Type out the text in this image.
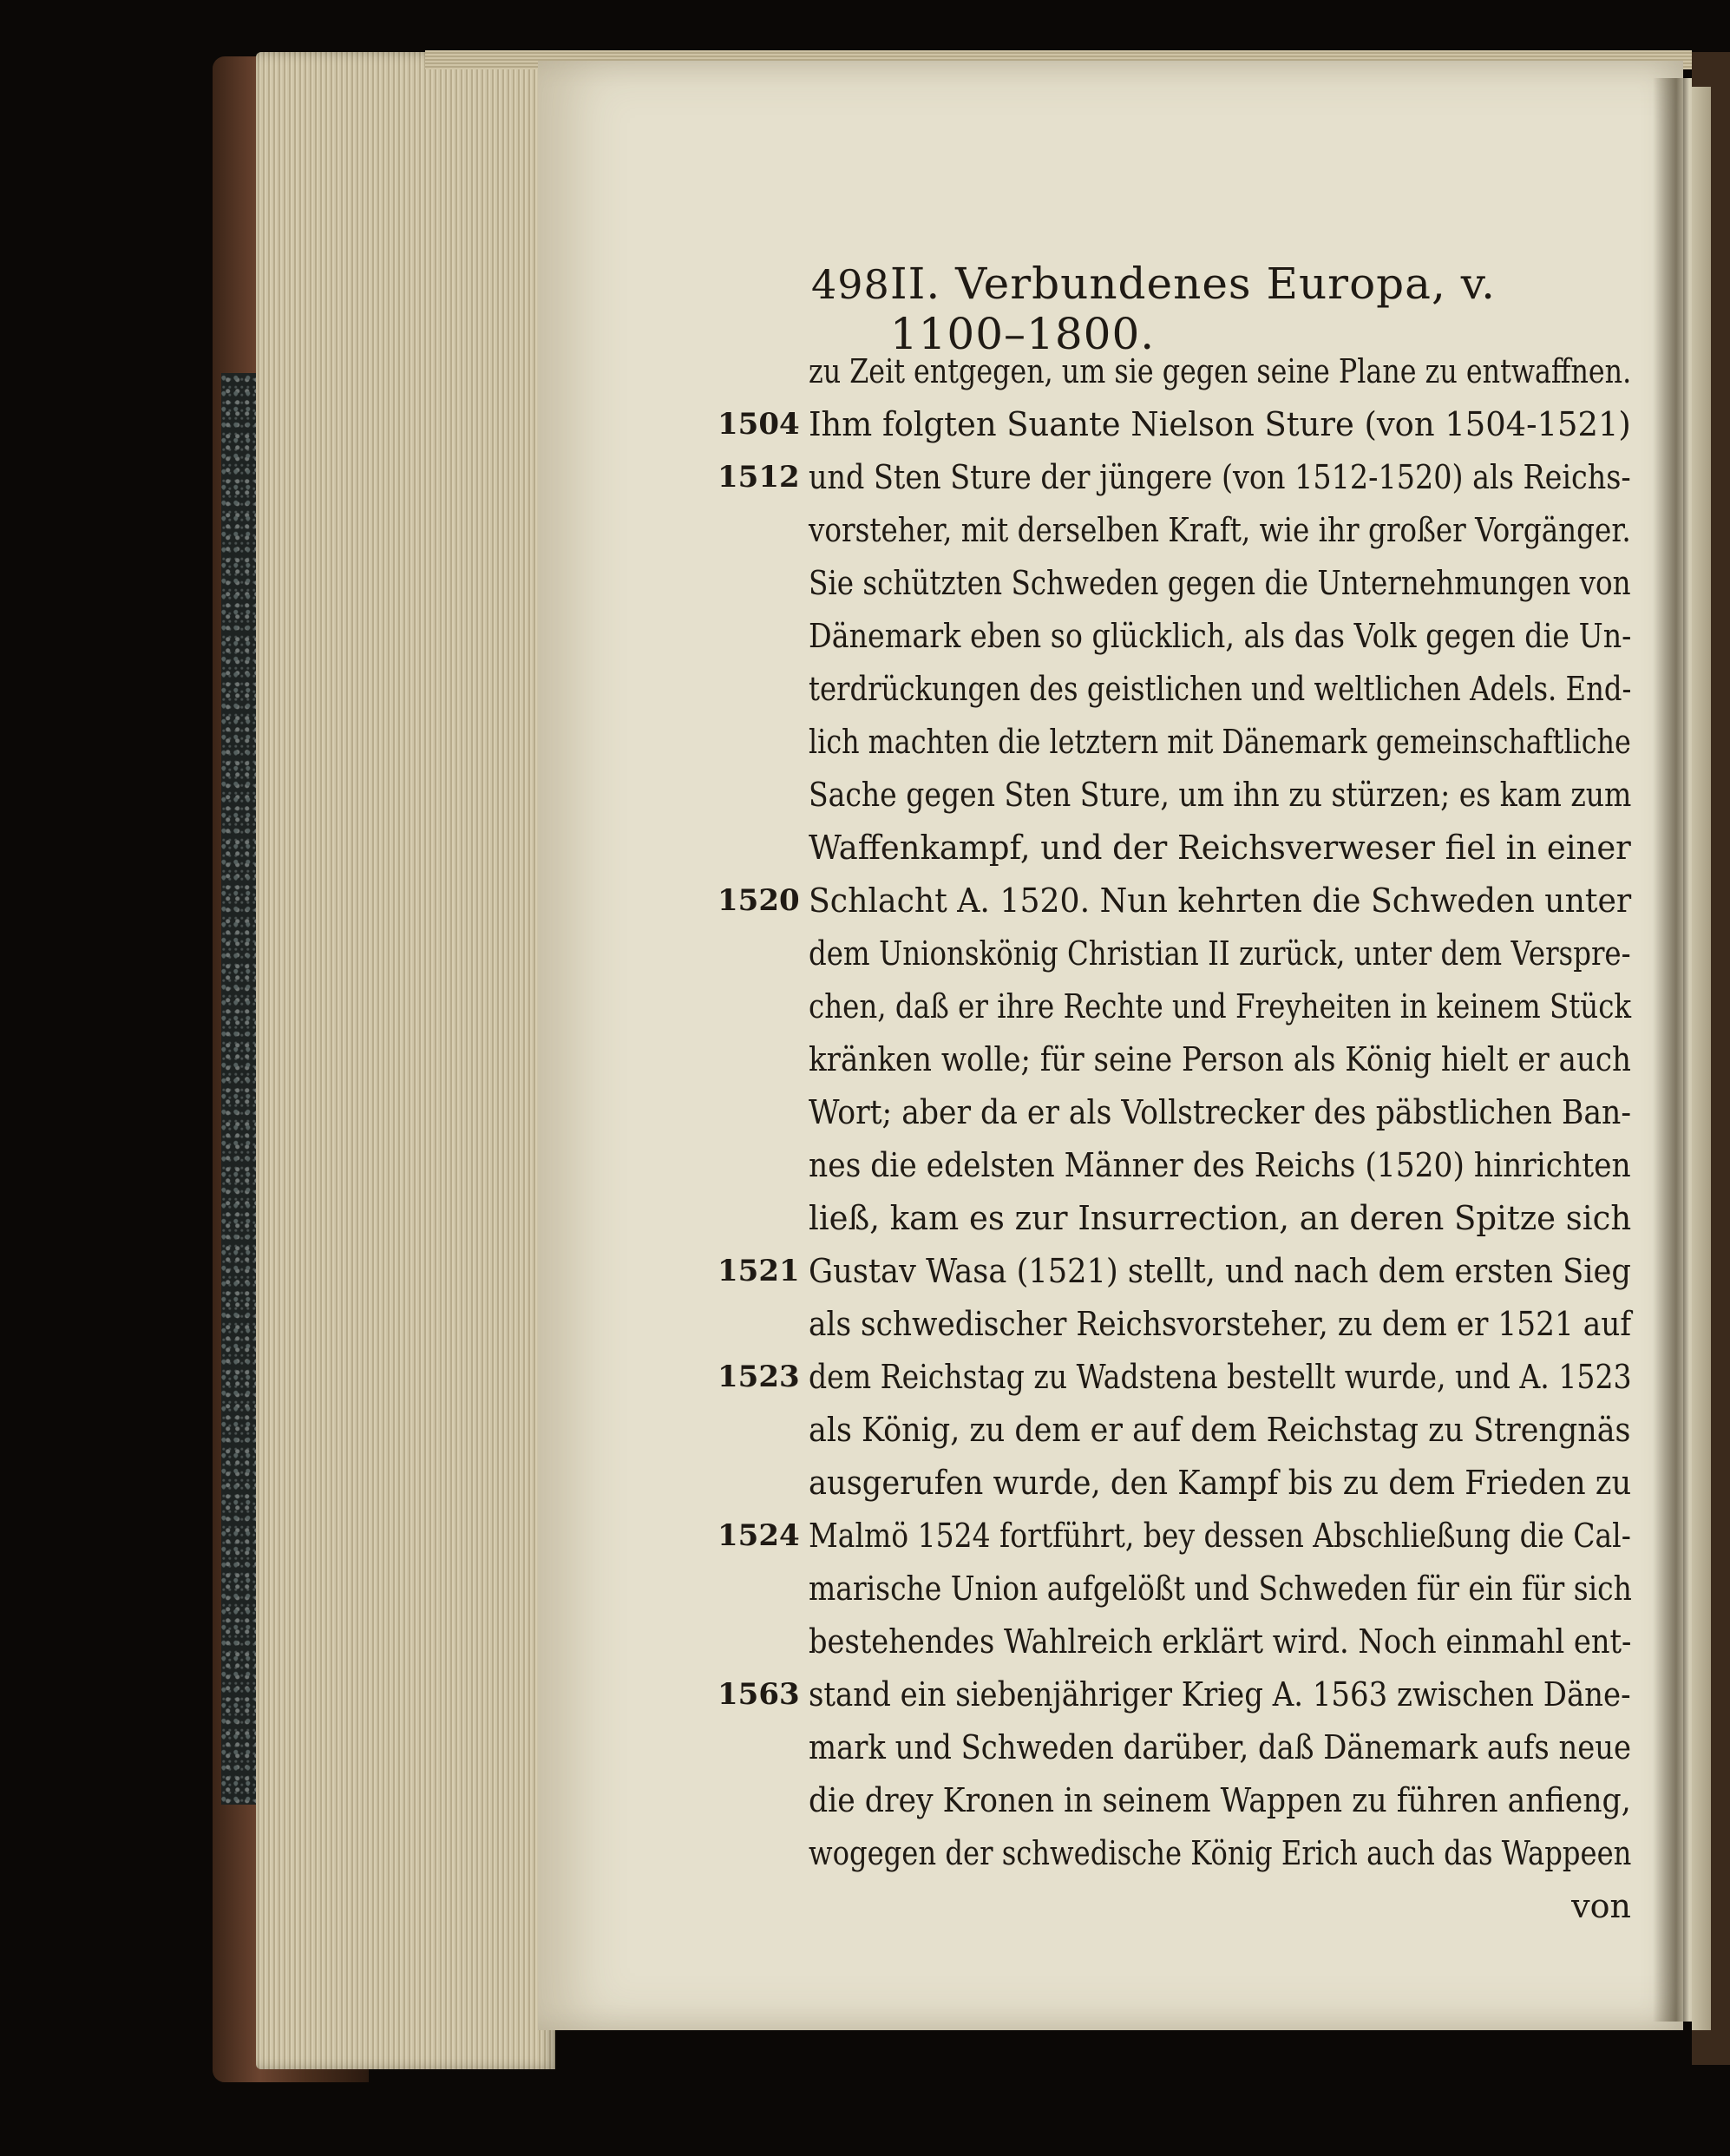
498 II. Verbundenes Europa, v. 1100–1800.
zu Zeit entgegen, um sie gegen seine Plane zu entwaffnen.
1504 Ihm folgten Suante Nielson Sture (von 1504-1521)
1512 und Sten Sture der jüngere (von 1512-1520) als Reichs-
vorsteher, mit derselben Kraft, wie ihr großer Vorgänger.
Sie schützten Schweden gegen die Unternehmungen von
Dänemark eben so glücklich, als das Volk gegen die Un-
terdrückungen des geistlichen und weltlichen Adels. End-
lich machten die letztern mit Dänemark gemeinschaftliche
Sache gegen Sten Sture, um ihn zu stürzen; es kam zum
Waffenkampf, und der Reichsverweser fiel in einer
1520 Schlacht A. 1520. Nun kehrten die Schweden unter
dem Unionskönig Christian II zurück, unter dem Verspre-
chen, daß er ihre Rechte und Freyheiten in keinem Stück
kränken wolle; für seine Person als König hielt er auch
Wort; aber da er als Vollstrecker des päbstlichen Ban-
nes die edelsten Männer des Reichs (1520) hinrichten
ließ, kam es zur Insurrection, an deren Spitze sich
1521 Gustav Wasa (1521) stellt, und nach dem ersten Sieg
als schwedischer Reichsvorsteher, zu dem er 1521 auf
1523 dem Reichstag zu Wadstena bestellt wurde, und A. 1523
als König, zu dem er auf dem Reichstag zu Strengnäs
ausgerufen wurde, den Kampf bis zu dem Frieden zu
1524 Malmö 1524 fortführt, bey dessen Abschließung die Cal-
marische Union aufgelößt und Schweden für ein für sich
bestehendes Wahlreich erklärt wird. Noch einmahl ent-
1563 stand ein siebenjähriger Krieg A. 1563 zwischen Däne-
mark und Schweden darüber, daß Dänemark aufs neue
die drey Kronen in seinem Wappen zu führen anfieng,
wogegen der schwedische König Erich auch das Wappeen
von
